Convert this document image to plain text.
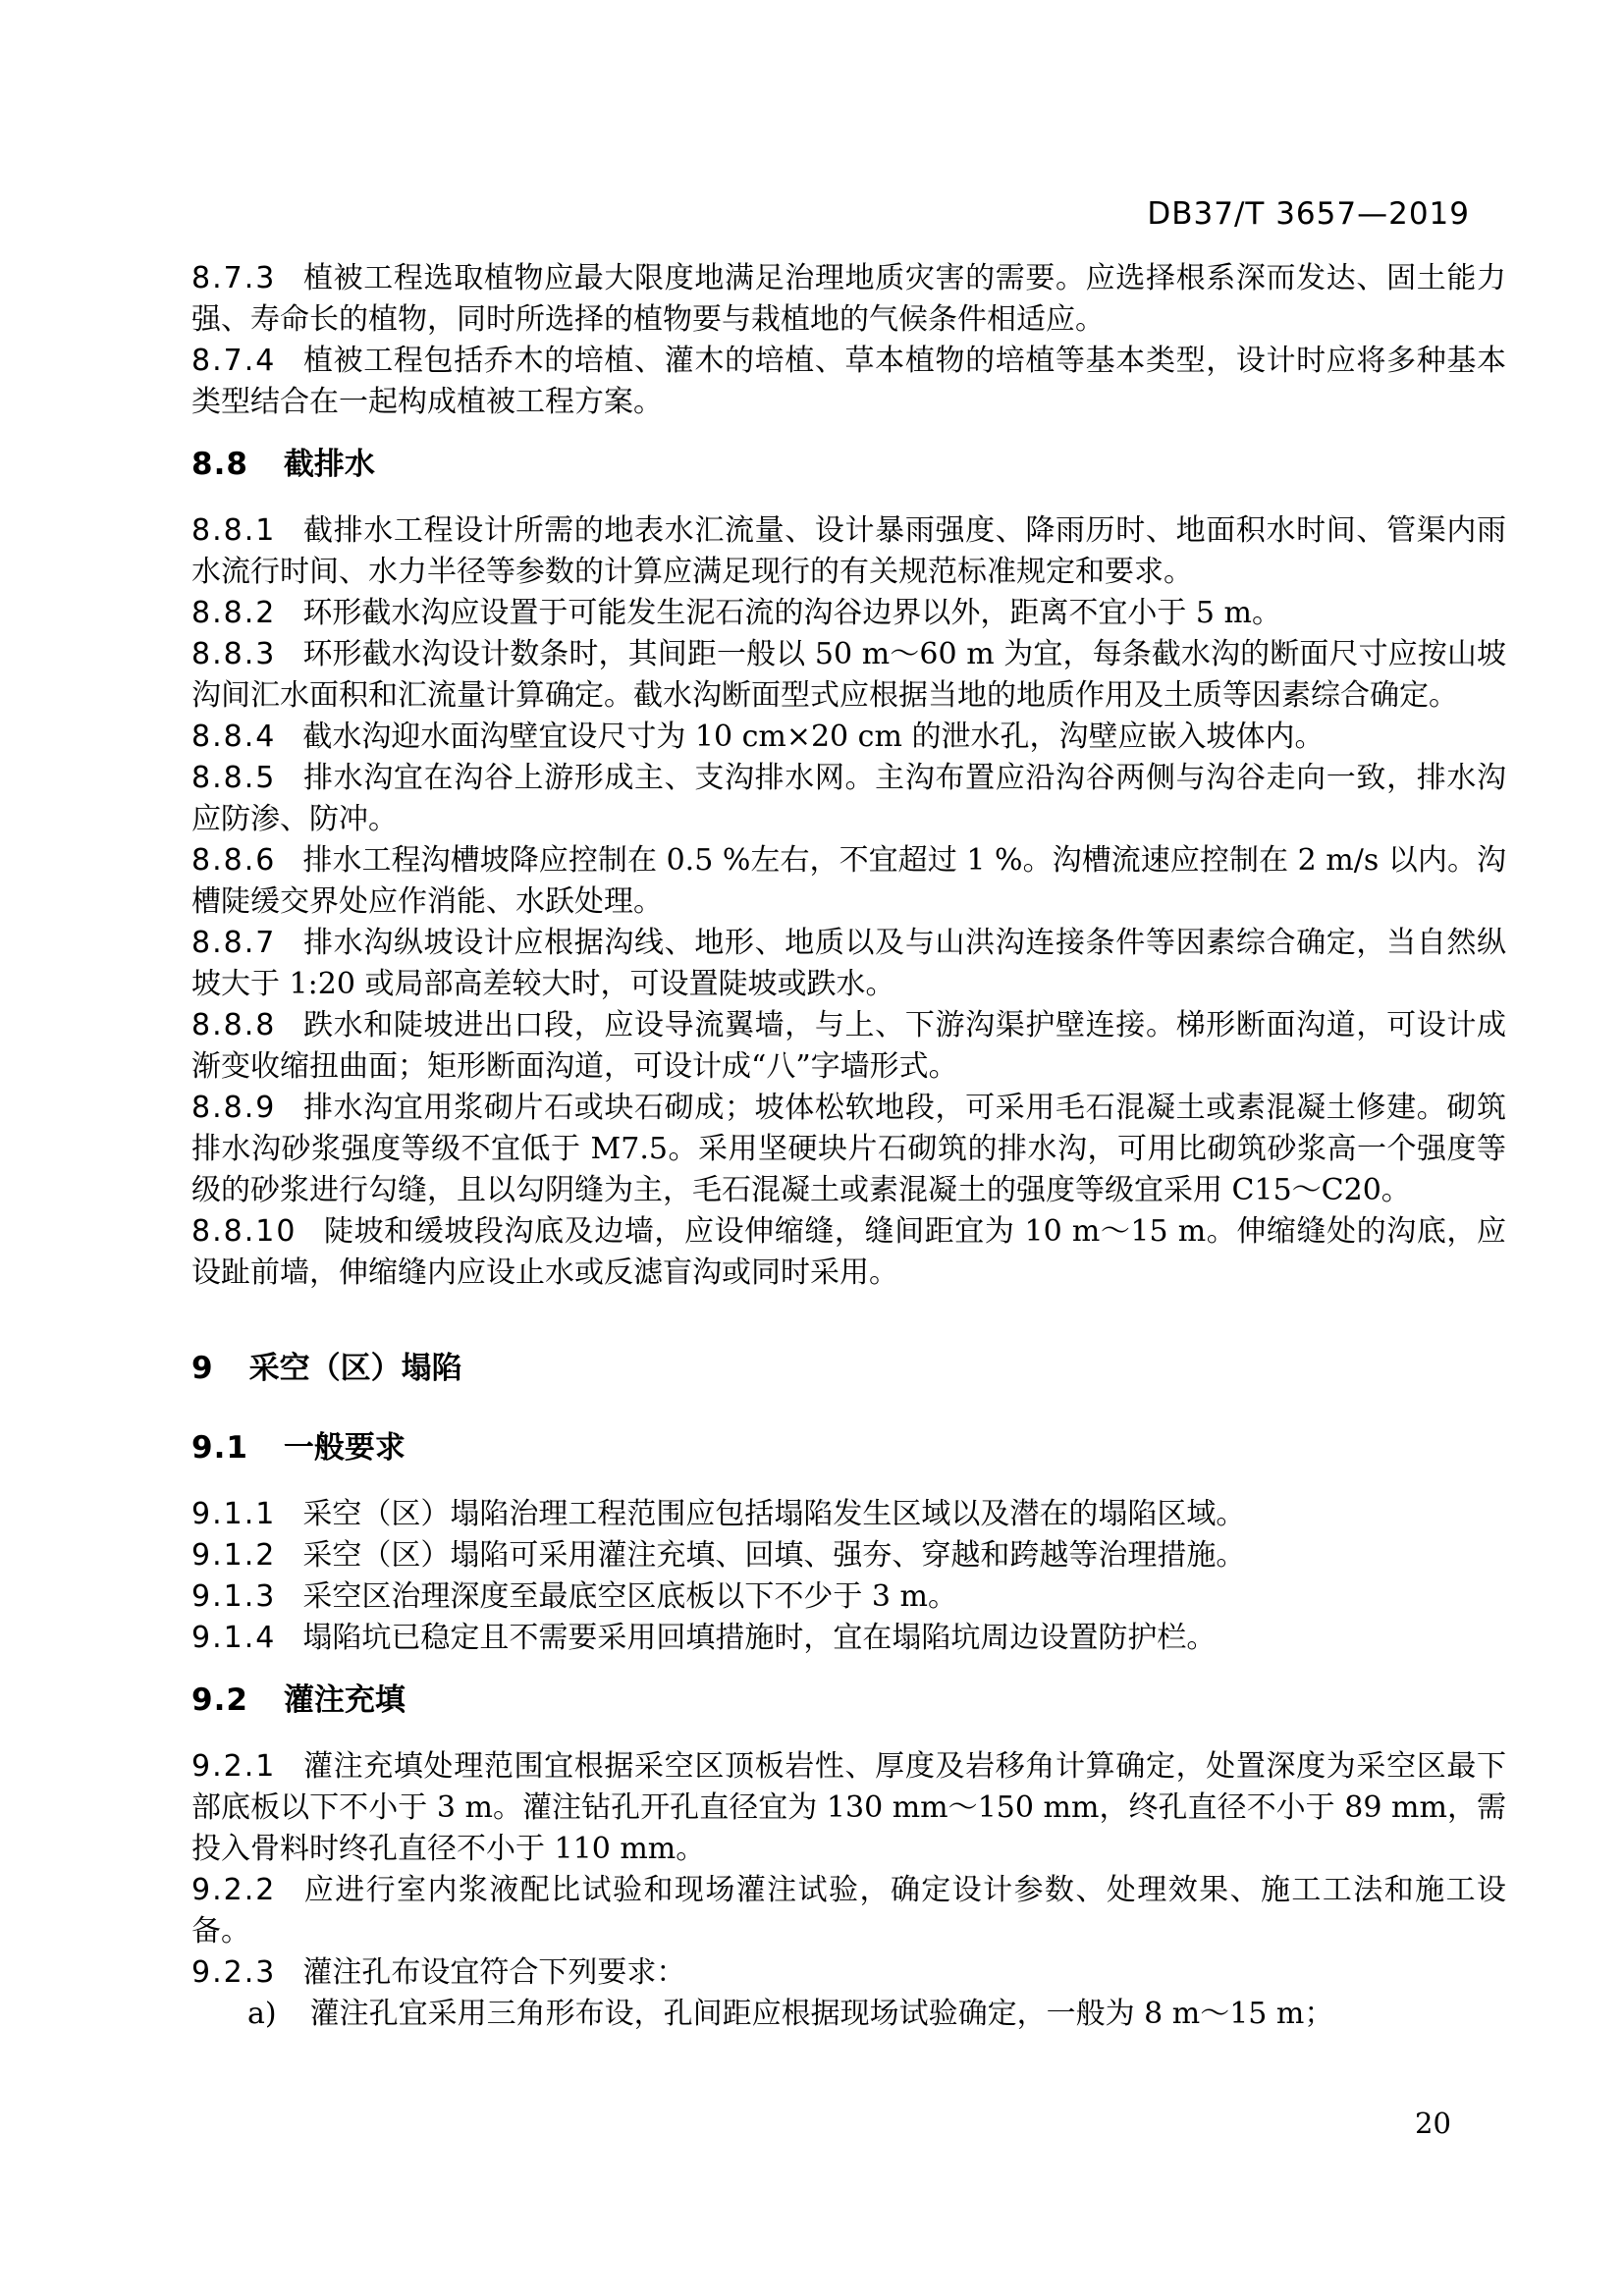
DB37/T 3657—2019

8.7.3 植被工程选取植物应最大限度地满足治理地质灾害的需要。应选择根系深而发达、固土能力强、寿命长的植物，同时所选择的植物要与栽植地的气候条件相适应。

8.7.4 植被工程包括乔木的培植、灌木的培植、草本植物的培植等基本类型，设计时应将多种基本类型结合在一起构成植被工程方案。

8.8 截排水

8.8.1 截排水工程设计所需的地表水汇流量、设计暴雨强度、降雨历时、地面积水时间、管渠内雨水流行时间、水力半径等参数的计算应满足现行的有关规范标准规定和要求。

8.8.2 环形截水沟应设置于可能发生泥石流的沟谷边界以外，距离不宜小于 5 m。

8.8.3 环形截水沟设计数条时，其间距一般以 50 m～60 m 为宜，每条截水沟的断面尺寸应按山坡沟间汇水面积和汇流量计算确定。截水沟断面型式应根据当地的地质作用及土质等因素综合确定。

8.8.4 截水沟迎水面沟壁宜设尺寸为 10 cm×20 cm 的泄水孔，沟壁应嵌入坡体内。

8.8.5 排水沟宜在沟谷上游形成主、支沟排水网。主沟布置应沿沟谷两侧与沟谷走向一致，排水沟应防渗、防冲。

8.8.6 排水工程沟槽坡降应控制在 0.5 %左右，不宜超过 1 %。沟槽流速应控制在 2 m/s 以内。沟槽陡缓交界处应作消能、水跃处理。

8.8.7 排水沟纵坡设计应根据沟线、地形、地质以及与山洪沟连接条件等因素综合确定，当自然纵坡大于 1:20 或局部高差较大时，可设置陡坡或跌水。

8.8.8 跌水和陡坡进出口段，应设导流翼墙，与上、下游沟渠护壁连接。梯形断面沟道，可设计成渐变收缩扭曲面；矩形断面沟道，可设计成“八”字墙形式。

8.8.9 排水沟宜用浆砌片石或块石砌成；坡体松软地段，可采用毛石混凝土或素混凝土修建。砌筑排水沟砂浆强度等级不宜低于 M7.5。采用坚硬块片石砌筑的排水沟，可用比砌筑砂浆高一个强度等级的砂浆进行勾缝，且以勾阴缝为主，毛石混凝土或素混凝土的强度等级宜采用 C15～C20。

8.8.10 陡坡和缓坡段沟底及边墙，应设伸缩缝，缝间距宜为 10 m～15 m。伸缩缝处的沟底，应设趾前墙，伸缩缝内应设止水或反滤盲沟或同时采用。

9 采空（区）塌陷

9.1 一般要求

9.1.1 采空（区）塌陷治理工程范围应包括塌陷发生区域以及潜在的塌陷区域。

9.1.2 采空（区）塌陷可采用灌注充填、回填、强夯、穿越和跨越等治理措施。

9.1.3 采空区治理深度至最底空区底板以下不少于 3 m。

9.1.4 塌陷坑已稳定且不需要采用回填措施时，宜在塌陷坑周边设置防护栏。

9.2 灌注充填

9.2.1 灌注充填处理范围宜根据采空区顶板岩性、厚度及岩移角计算确定，处置深度为采空区最下部底板以下不小于 3 m。灌注钻孔开孔直径宜为 130 mm～150 mm，终孔直径不小于 89 mm，需投入骨料时终孔直径不小于 110 mm。

9.2.2 应进行室内浆液配比试验和现场灌注试验，确定设计参数、处理效果、施工工法和施工设备。

9.2.3 灌注孔布设宜符合下列要求：

a) 灌注孔宜采用三角形布设，孔间距应根据现场试验确定，一般为 8 m～15 m；

20
